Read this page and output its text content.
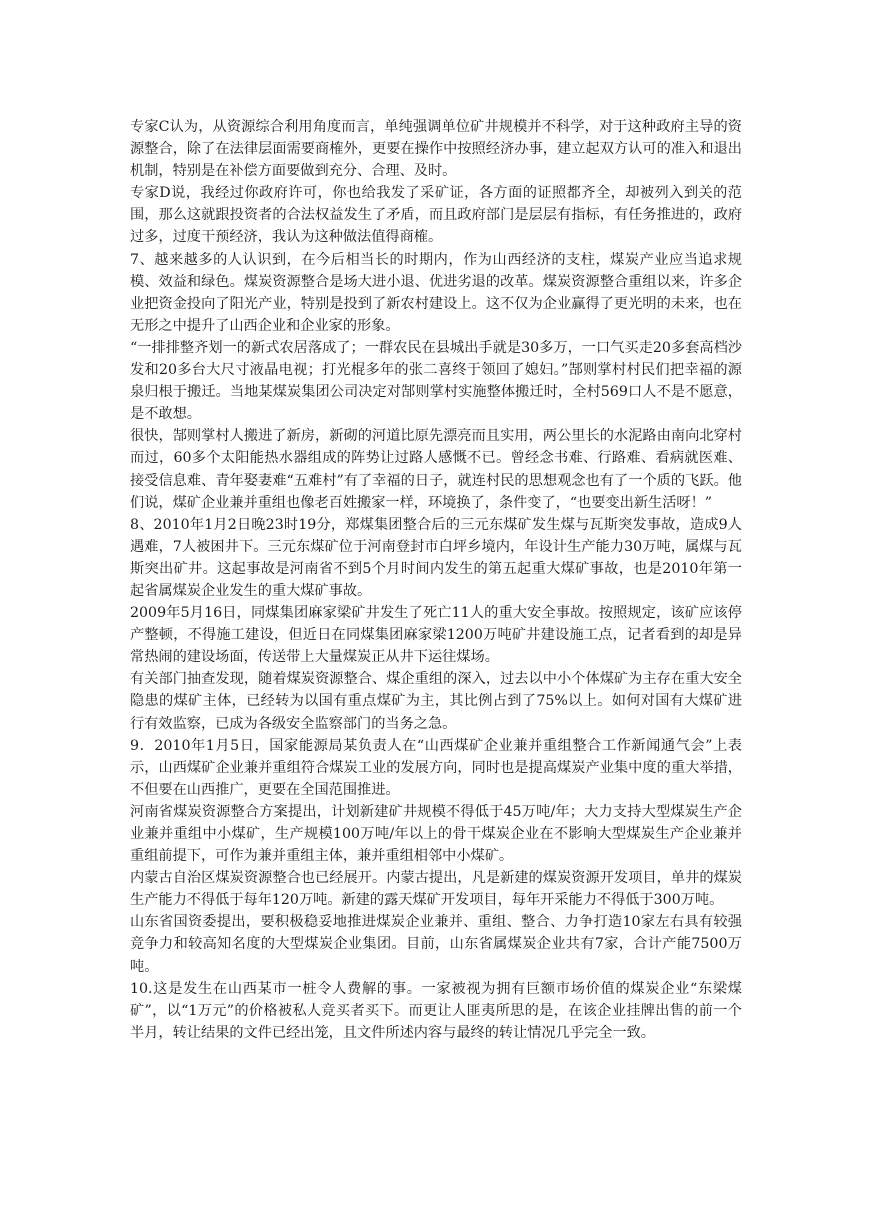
专家C认为，从资源综合利用角度而言，单纯强调单位矿井规模并不科学，对于这种政府主导的资源整合，除了在法律层面需要商榷外，更要在操作中按照经济办事，建立起双方认可的准入和退出机制，特别是在补偿方面要做到充分、合理、及时。

专家D说，我经过你政府许可，你也给我发了采矿证，各方面的证照都齐全，却被列入到关的范围，那么这就跟投资者的合法权益发生了矛盾，而且政府部门是层层有指标，有任务推进的，政府过多，过度干预经济，我认为这种做法值得商榷。

7、越来越多的人认识到，在今后相当长的时期内，作为山西经济的支柱，煤炭产业应当追求规模、效益和绿色。煤炭资源整合是场大进小退、优进劣退的改革。煤炭资源整合重组以来，许多企业把资金投向了阳光产业，特别是投到了新农村建设上。这不仅为企业赢得了更光明的未来，也在无形之中提升了山西企业和企业家的形象。

“一排排整齐划一的新式农居落成了；一群农民在县城出手就是30多万，一口气买走20多套高档沙发和20多台大尺寸液晶电视；打光棍多年的张二喜终于领回了媳妇。”郜则掌村村民们把幸福的源泉归根于搬迁。当地某煤炭集团公司决定对郜则掌村实施整体搬迁时，全村569口人不是不愿意，是不敢想。

很快，郜则掌村人搬进了新房，新砌的河道比原先漂亮而且实用，两公里长的水泥路由南向北穿村而过，60多个太阳能热水器组成的阵势让过路人感慨不已。曾经念书难、行路难、看病就医难、接受信息难、青年娶妻难“五难村”有了幸福的日子，就连村民的思想观念也有了一个质的飞跃。他们说，煤矿企业兼并重组也像老百姓搬家一样，环境换了，条件变了，“也要变出新生活呀！”

8、2010年1月2日晚23时19分，郑煤集团整合后的三元东煤矿发生煤与瓦斯突发事故，造成9人遇难，7人被困井下。三元东煤矿位于河南登封市白坪乡境内，年设计生产能力30万吨，属煤与瓦斯突出矿井。这起事故是河南省不到5个月时间内发生的第五起重大煤矿事故，也是2010年第一起省属煤炭企业发生的重大煤矿事故。

2009年5月16日，同煤集团麻家梁矿井发生了死亡11人的重大安全事故。按照规定，该矿应该停产整顿，不得施工建设，但近日在同煤集团麻家梁1200万吨矿井建设施工点，记者看到的却是异常热闹的建设场面，传送带上大量煤炭正从井下运往煤场。

有关部门抽查发现，随着煤炭资源整合、煤企重组的深入，过去以中小个体煤矿为主存在重大安全隐患的煤矿主体，已经转为以国有重点煤矿为主，其比例占到了75%以上。如何对国有大煤矿进行有效监察，已成为各级安全监察部门的当务之急。

9．2010年1月5日，国家能源局某负责人在“山西煤矿企业兼并重组整合工作新闻通气会”上表示，山西煤矿企业兼并重组符合煤炭工业的发展方向，同时也是提高煤炭产业集中度的重大举措，不但要在山西推广，更要在全国范围推进。

河南省煤炭资源整合方案提出，计划新建矿井规模不得低于45万吨/年；大力支持大型煤炭生产企业兼并重组中小煤矿，生产规模100万吨/年以上的骨干煤炭企业在不影响大型煤炭生产企业兼并重组前提下，可作为兼并重组主体，兼并重组相邻中小煤矿。

内蒙古自治区煤炭资源整合也已经展开。内蒙古提出，凡是新建的煤炭资源开发项目，单井的煤炭生产能力不得低于每年120万吨。新建的露天煤矿开发项目，每年开采能力不得低于300万吨。

山东省国资委提出，要积极稳妥地推进煤炭企业兼并、重组、整合、力争打造10家左右具有较强竞争力和较高知名度的大型煤炭企业集团。目前，山东省属煤炭企业共有7家，合计产能7500万吨。

10.这是发生在山西某市一桩令人费解的事。一家被视为拥有巨额市场价值的煤炭企业“东梁煤矿”，以“1万元”的价格被私人竞买者买下。而更让人匪夷所思的是，在该企业挂牌出售的前一个半月，转让结果的文件已经出笼，且文件所述内容与最终的转让情况几乎完全一致。
